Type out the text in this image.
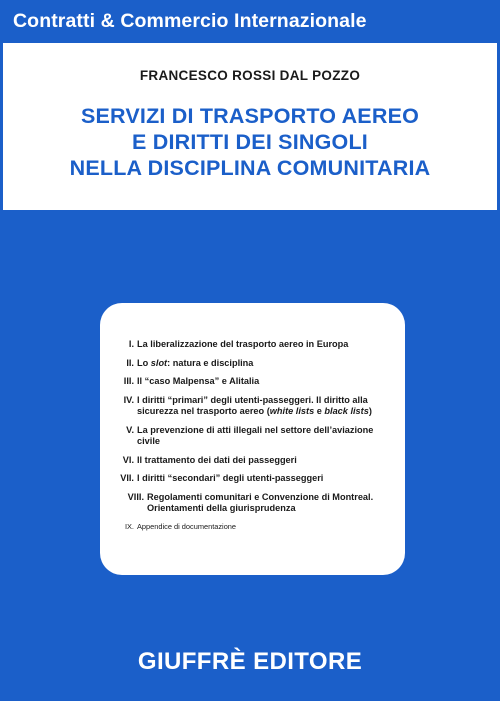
Contratti & Commercio Internazionale
FRANCESCO ROSSI DAL POZZO
SERVIZI DI TRASPORTO AEREO
E DIRITTI DEI SINGOLI
NELLA DISCIPLINA COMUNITARIA
I. La liberalizzazione del trasporto aereo in Europa
II. Lo slot: natura e disciplina
III. Il “caso Malpensa” e Alitalia
IV. I diritti “primari” degli utenti-passeggeri. Il diritto alla sicurezza nel trasporto aereo (white lists e black lists)
V. La prevenzione di atti illegali nel settore dell’aviazione civile
VI. Il trattamento dei dati dei passeggeri
VII. I diritti “secondari” degli utenti-passeggeri
VIII. Regolamenti comunitari e Convenzione di Montreal. Orientamenti della giurisprudenza
IX. Appendice di documentazione
GIUFFRÈ EDITORE
